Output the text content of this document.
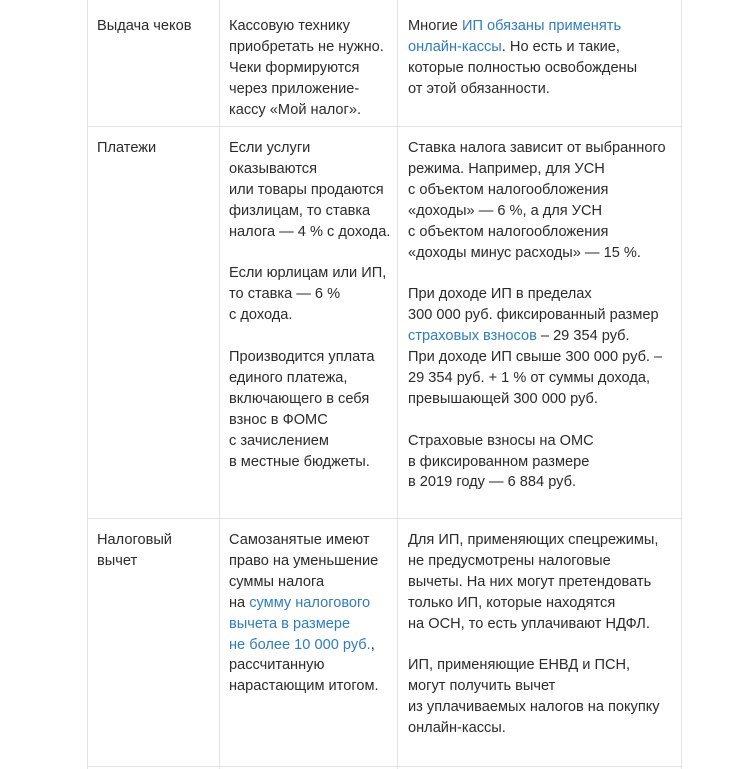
Выдача чеков	Кассовую технику
приобретать не нужно.
Чеки формируются
через приложение-
кассу «Мой налог».

Многие ИП обязаны применять
онлайн-кассы. Но есть и такие,
которые полностью освобождены
от этой обязанности.

Платежи	Если услуги
оказываются
или товары продаются
физлицам, то ставка
налога — 4 % с дохода.

Если юрлицам или ИП,
то ставка — 6 %
с дохода.

Производится уплата
единого платежа,
включающего в себя
взнос в ФОМС
с зачислением
в местные бюджеты.

Ставка налога зависит от выбранного
режима. Например, для УСН
с объектом налогообложения
«доходы» — 6 %, а для УСН
с объектом налогообложения
«доходы минус расходы» — 15 %.

При доходе ИП в пределах
300 000 руб. фиксированный размер
страховых взносов – 29 354 руб.
При доходе ИП свыше 300 000 руб. –
29 354 руб. + 1 % от суммы дохода,
превышающей 300 000 руб.

Страховые взносы на ОМС
в фиксированном размере
в 2019 году — 6 884 руб.

Налоговый
вычет

Самозанятые имеют
право на уменьшение
суммы налога
на сумму налогового
вычета в размере
не более 10 000 руб.,
рассчитанную
нарастающим итогом.

Для ИП, применяющих спецрежимы,
не предусмотрены налоговые
вычеты. На них могут претендовать
только ИП, которые находятся
на ОСН, то есть уплачивают НДФЛ.

ИП, применяющие ЕНВД и ПСН,
могут получить вычет
из уплачиваемых налогов на покупку
онлайн-кассы.
